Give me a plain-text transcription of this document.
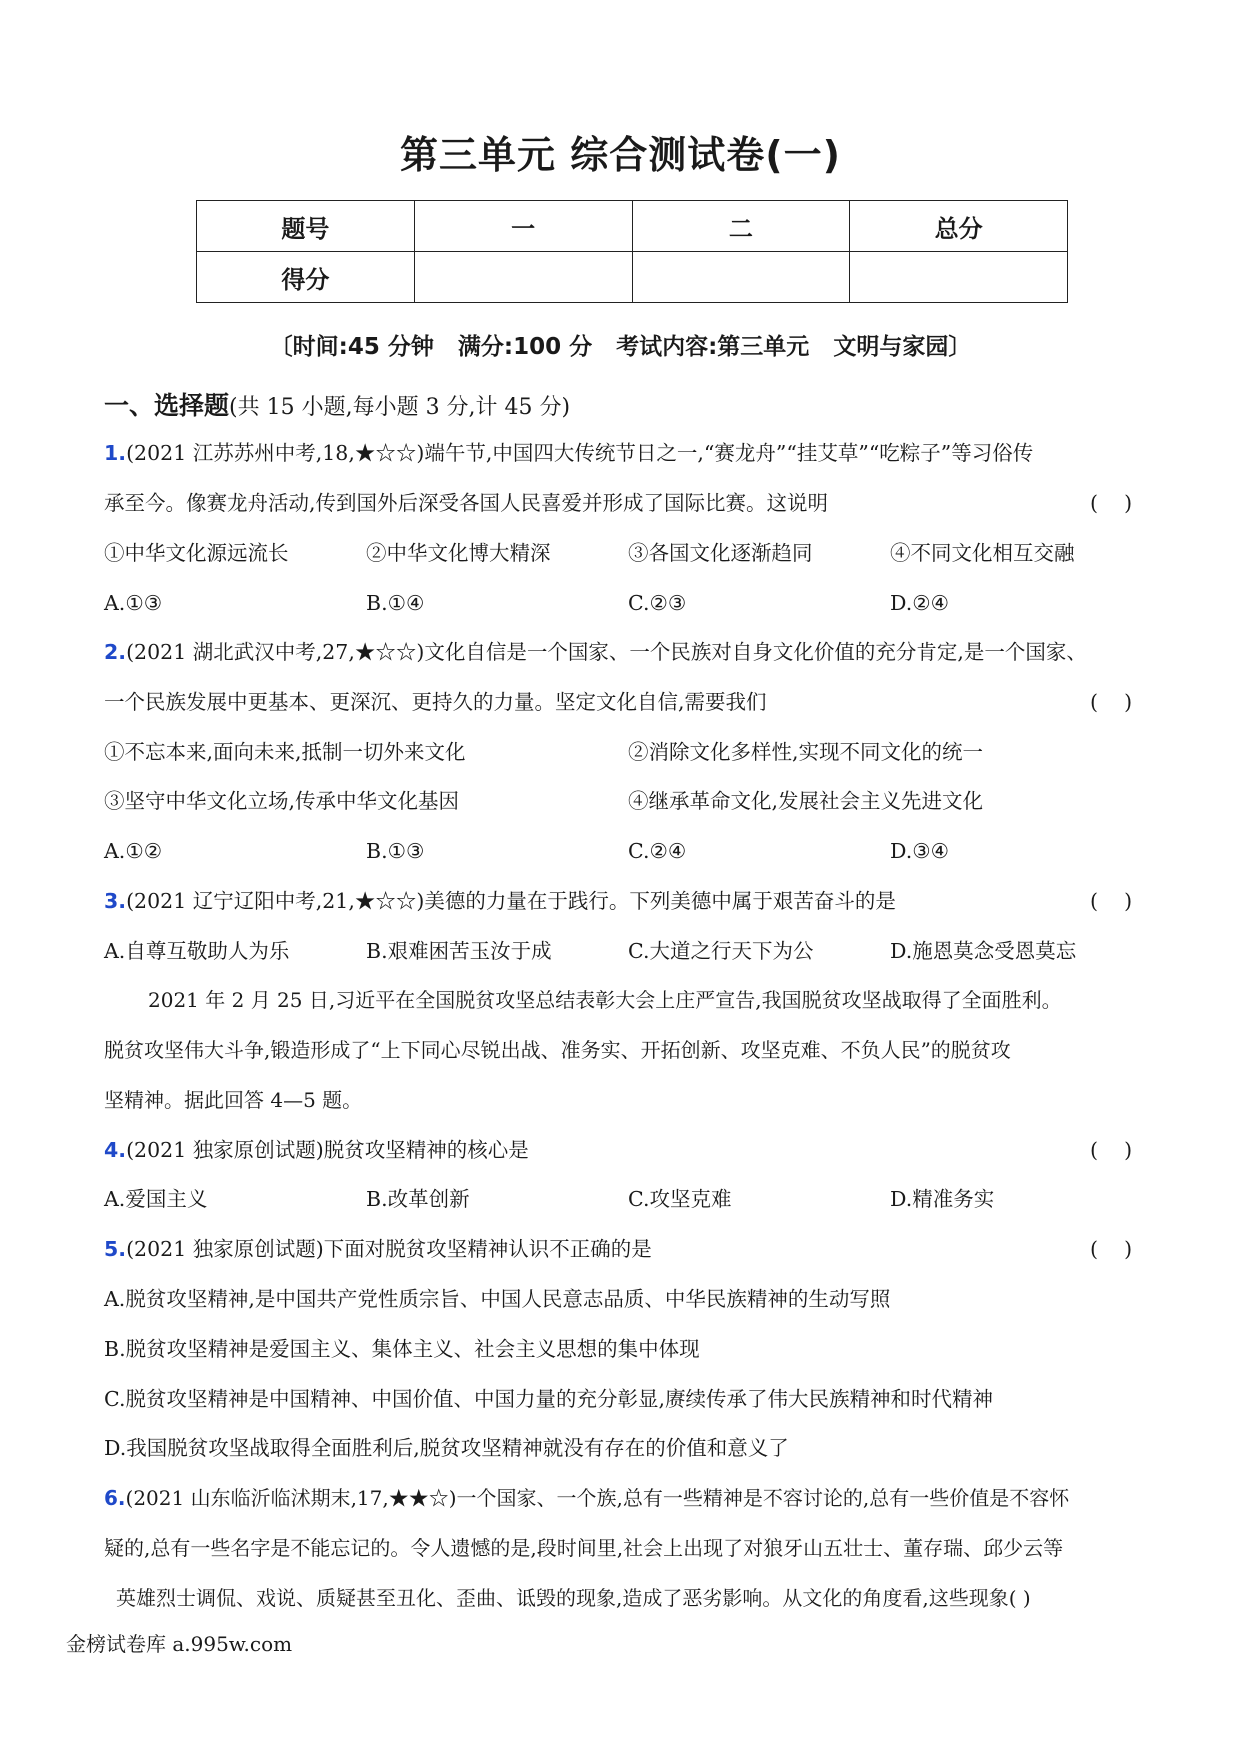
第三单元 综合测试卷(一)
题号	一	二	总分
得分			
〔时间:45 分钟   满分:100 分   考试内容:第三单元   文明与家园〕
一、选择题(共 15 小题,每小题 3 分,计 45 分)
1.(2021 江苏苏州中考,18,★☆☆)端午节,中国四大传统节日之一,“赛龙舟”“挂艾草”“吃粽子”等习俗传
承至今。像赛龙舟活动,传到国外后深受各国人民喜爱并形成了国际比赛。这说明	(    )
①中华文化源远流长	②中华文化博大精深	③各国文化逐渐趋同	④不同文化相互交融
A.①③	B.①④	C.②③	D.②④
2.(2021 湖北武汉中考,27,★☆☆)文化自信是一个国家、一个民族对自身文化价值的充分肯定,是一个国家、
一个民族发展中更基本、更深沉、更持久的力量。坚定文化自信,需要我们	(    )
①不忘本来,面向未来,抵制一切外来文化	②消除文化多样性,实现不同文化的统一
③坚守中华文化立场,传承中华文化基因	④继承革命文化,发展社会主义先进文化
A.①②	B.①③	C.②④	D.③④
3.(2021 辽宁辽阳中考,21,★☆☆)美德的力量在于践行。下列美德中属于艰苦奋斗的是	(    )
A.自尊互敬助人为乐	B.艰难困苦玉汝于成	C.大道之行天下为公	D.施恩莫念受恩莫忘
2021 年 2 月 25 日,习近平在全国脱贫攻坚总结表彰大会上庄严宣告,我国脱贫攻坚战取得了全面胜利。
脱贫攻坚伟大斗争,锻造形成了“上下同心尽锐出战、准务实、开拓创新、攻坚克难、不负人民”的脱贫攻
坚精神。据此回答 4—5 题。
4.(2021 独家原创试题)脱贫攻坚精神的核心是	(    )
A.爱国主义	B.改革创新	C.攻坚克难	D.精准务实
5.(2021 独家原创试题)下面对脱贫攻坚精神认识不正确的是	(    )
A.脱贫攻坚精神,是中国共产党性质宗旨、中国人民意志品质、中华民族精神的生动写照
B.脱贫攻坚精神是爱国主义、集体主义、社会主义思想的集中体现
C.脱贫攻坚精神是中国精神、中国价值、中国力量的充分彰显,赓续传承了伟大民族精神和时代精神
D.我国脱贫攻坚战取得全面胜利后,脱贫攻坚精神就没有存在的价值和意义了
6.(2021 山东临沂临沭期末,17,★★☆)一个国家、一个族,总有一些精神是不容讨论的,总有一些价值是不容怀
疑的,总有一些名字是不能忘记的。令人遗憾的是,段时间里,社会上出现了对狼牙山五壮士、董存瑞、邱少云等
英雄烈士调侃、戏说、质疑甚至丑化、歪曲、诋毁的现象,造成了恶劣影响。从文化的角度看,这些现象( )
金榜试卷库 a.995w.com
